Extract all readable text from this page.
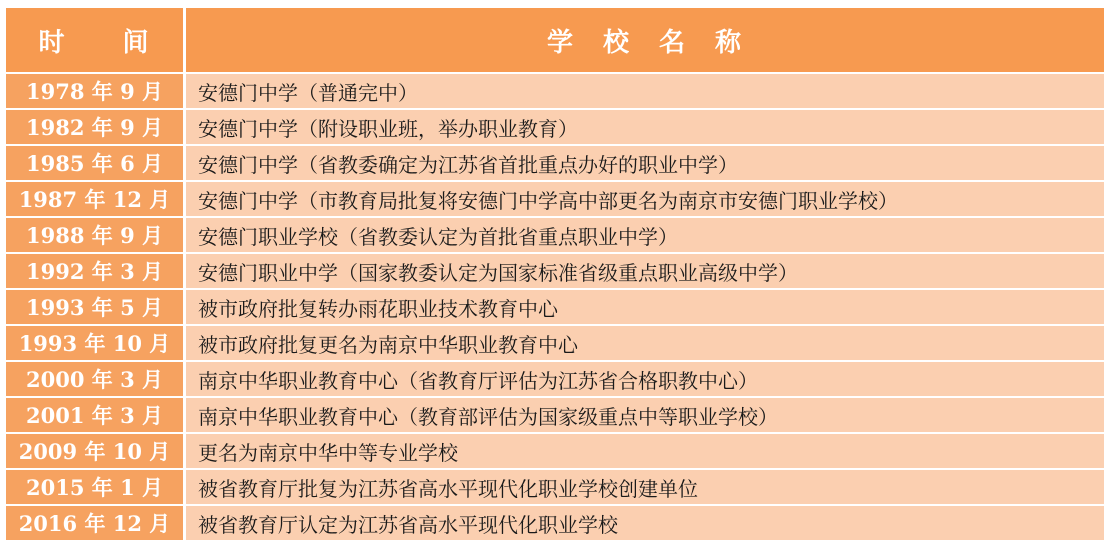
时　　间	学　校　名　称
1978 年 9 月	安德门中学（普通完中）
1982 年 9 月	安德门中学（附设职业班，举办职业教育）
1985 年 6 月	安德门中学（省教委确定为江苏省首批重点办好的职业中学）
1987 年 12 月	安德门中学（市教育局批复将安德门中学高中部更名为南京市安德门职业学校）
1988 年 9 月	安德门职业学校（省教委认定为首批省重点职业中学）
1992 年 3 月	安德门职业中学（国家教委认定为国家标准省级重点职业高级中学）
1993 年 5 月	被市政府批复转办雨花职业技术教育中心
1993 年 10 月	被市政府批复更名为南京中华职业教育中心
2000 年 3 月	南京中华职业教育中心（省教育厅评估为江苏省合格职教中心）
2001 年 3 月	南京中华职业教育中心（教育部评估为国家级重点中等职业学校）
2009 年 10 月	更名为南京中华中等专业学校
2015 年 1 月	被省教育厅批复为江苏省高水平现代化职业学校创建单位
2016 年 12 月	被省教育厅认定为江苏省高水平现代化职业学校
